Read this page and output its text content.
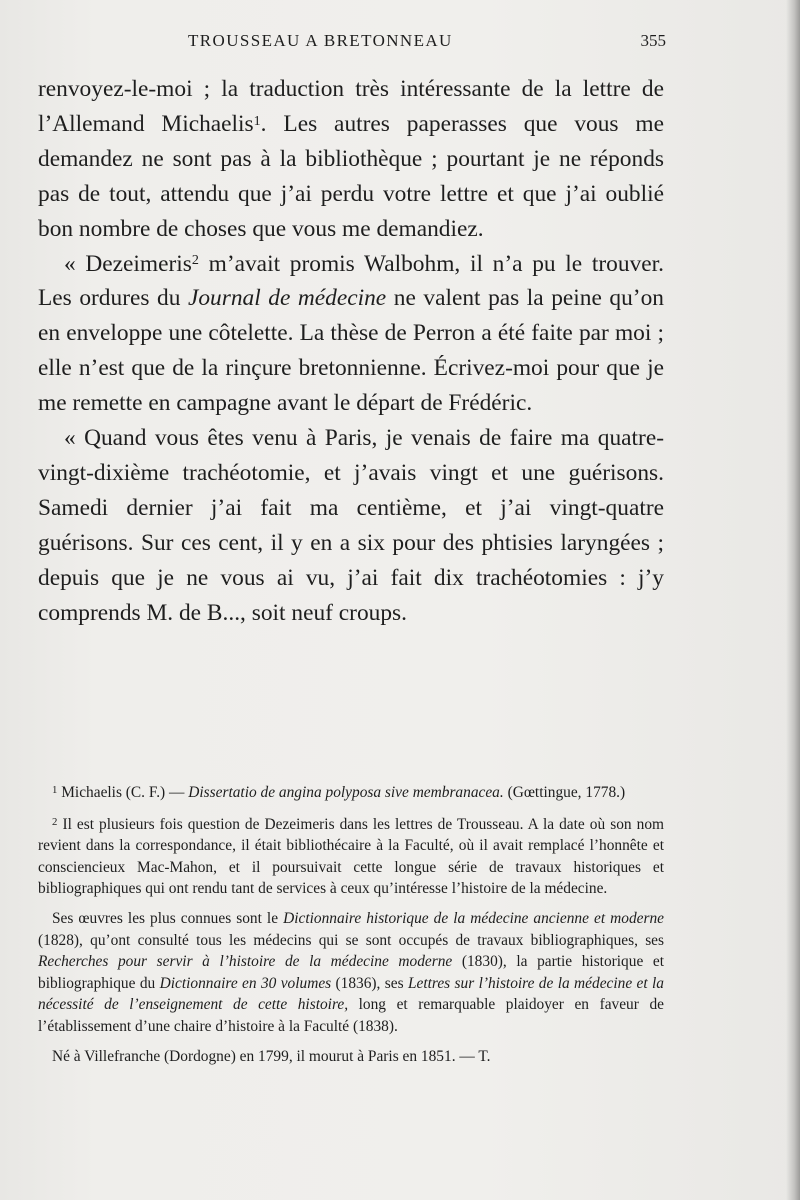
TROUSSEAU A BRETONNEAU	355

renvoyez-le-moi ; la traduction très intéressante de la lettre de l’Allemand Michaelis$^1$. Les autres paperasses que vous me demandez ne sont pas à la bibliothèque ; pourtant je ne réponds pas de tout, attendu que j’ai perdu votre lettre et que j’ai oublié bon nombre de choses que vous me demandiez.

« Dezeimeris$^2$ m’avait promis Walbohm, il n’a pu le trouver. Les ordures du Journal de médecine ne valent pas la peine qu’on en enveloppe une côtelette. La thèse de Perron a été faite par moi ; elle n’est que de la rinçure bretonnienne. Écrivez-moi pour que je me remette en campagne avant le départ de Frédéric.

« Quand vous êtes venu à Paris, je venais de faire ma quatre-vingt-dixième trachéotomie, et j’avais vingt et une guérisons. Samedi dernier j’ai fait ma centième, et j’ai vingt-quatre guérisons. Sur ces cent, il y en a six pour des phtisies laryngées ; depuis que je ne vous ai vu, j’ai fait dix trachéotomies : j’y comprends M. de B..., soit neuf croups.

$^1$ Michaelis (C. F.) — Dissertatio de angina polyposa sive membranacea. (Gœttingue, 1778.)

$^2$ Il est plusieurs fois question de Dezeimeris dans les lettres de Trousseau. A la date où son nom revient dans la correspondance, il était bibliothécaire à la Faculté, où il avait remplacé l’honnête et consciencieux Mac-Mahon, et il poursuivait cette longue série de travaux historiques et bibliographiques qui ont rendu tant de services à ceux qu’intéresse l’histoire de la médecine.

Ses œuvres les plus connues sont le Dictionnaire historique de la médecine ancienne et moderne (1828), qu’ont consulté tous les médecins qui se sont occupés de travaux bibliographiques, ses Recherches pour servir à l’histoire de la médecine moderne (1830), la partie historique et bibliographique du Dictionnaire en 30 volumes (1836), ses Lettres sur l’histoire de la médecine et la nécessité de l’enseignement de cette histoire, long et remarquable plaidoyer en faveur de l’établissement d’une chaire d’histoire à la Faculté (1838).

Né à Villefranche (Dordogne) en 1799, il mourut à Paris en 1851. — T.
